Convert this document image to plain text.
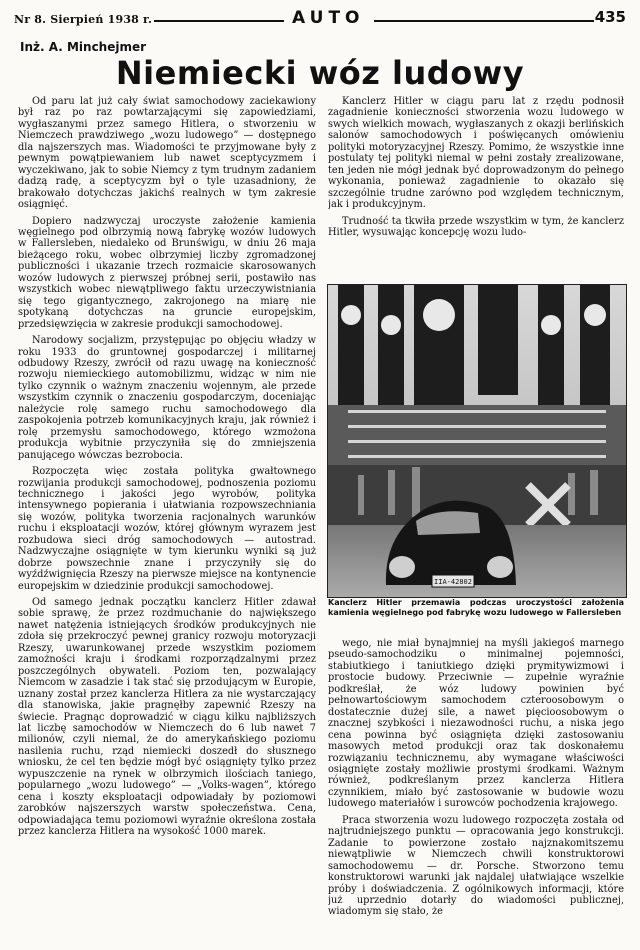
Nr 8. Sierpień 1938 r.	AUTO	435
Inż. A. Minchejmer
Niemiecki wóz ludowy

Od paru lat już cały świat samochodowy zaciekawiony był raz po raz powtarzającymi się zapowiedziami, wygłaszanymi przez samego Hitlera, o stworzeniu w Niemczech prawdziwego „wozu ludowego” — dostępnego dla najszerszych mas. Wiadomości te przyjmowane były z pewnym powątpiewaniem lub nawet sceptycyzmem i wyczekiwano, jak to sobie Niemcy z tym trudnym zadaniem dadzą radę, a sceptycyzm był o tyle uzasadniony, że brakowało dotychczas jakichś realnych w tym zakresie osiągnięć.

Dopiero nadzwyczaj uroczyste założenie kamienia węgielnego pod olbrzymią nową fabrykę wozów ludowych w Fallersleben, niedaleko od Brunświgu, w dniu 26 maja bieżącego roku, wobec olbrzymiej liczby zgromadzonej publiczności i ukazanie trzech rozmaicie skarosowanych wozów ludowych z pierwszej próbnej serii, postawiło nas wszystkich wobec niewątpliwego faktu urzeczywistniania się tego gigantycznego, zakrojonego na miarę nie spotykaną dotychczas na gruncie europejskim, przedsięwzięcia w zakresie produkcji samochodowej.

Narodowy socjalizm, przystępując po objęciu władzy w roku 1933 do gruntownej gospodarczej i militarnej odbudowy Rzeszy, zwrócił od razu uwagę na konieczność rozwoju niemieckiego automobilizmu, widząc w nim nie tylko czynnik o ważnym znaczeniu wojennym, ale przede wszystkim czynnik o znaczeniu gospodarczym, doceniając należycie rolę samego ruchu samochodowego dla zaspokojenia potrzeb komunikacyjnych kraju, jak również i rolę przemysłu samochodowego, którego wzmożona produkcja wybitnie przyczyniła się do zmniejszenia panującego wówczas bezrobocia.

Rozpoczęta więc została polityka gwałtownego rozwijania produkcji samochodowej, podnoszenia poziomu technicznego i jakości jego wyrobów, polityka intensywnego popierania i ułatwiania rozpowszechniania się wozów, polityka tworzenia racjonalnych warunków ruchu i eksploatacji wozów, której głównym wyrazem jest rozbudowa sieci dróg samochodowych — autostrad. Nadzwyczajne osiągnięte w tym kierunku wyniki są już dobrze powszechnie znane i przyczyniły się do wyźdźwignięcia Rzeszy na pierwsze miejsce na kontynencie europejskim w dziedzinie produkcji samochodowej.

Od samego jednak początku kanclerz Hitler zdawał sobie sprawę, że przez rozdmuchanie do największego nawet natężenia istniejących środków produkcyjnych nie zdoła się przekroczyć pewnej granicy rozwoju motoryzacji Rzeszy, uwarunkowanej przede wszystkim poziomem zamożności kraju i środkami rozporządzalnymi przez poszczególnych obywateli. Poziom ten, pozwalający Niemcom w zasadzie i tak stać się przodującym w Europie, uznany został przez kanclerza Hitlera za nie wystarczający dla stanowiska, jakie pragnęłby zapewnić Rzeszy na świecie. Pragnąc doprowadzić w ciągu kilku najbliższych lat liczbę samochodów w Niemczech do 6 lub nawet 7 milionów, czyli niemal, że do amerykańskiego poziomu nasilenia ruchu, rząd niemiecki doszedł do słusznego wniosku, że cel ten będzie mógł być osiągnięty tylko przez wypuszczenie na rynek w olbrzymich ilościach taniego, popularnego „wozu ludowego” — „Volks-wagen”, którego cena i koszty eksploatacji odpowiadały by poziomowi zarobków najszerszych warstw społeczeństwa. Cena, odpowiadająca temu poziomowi wyraźnie określona została przez kanclerza Hitlera na wysokość 1000 marek.

Kanclerz Hitler w ciągu paru lat z rzędu podnosił zagadnienie konieczności stworzenia wozu ludowego w swych wielkich mowach, wygłaszanych z okazji berlińskich salonów samochodowych i poświęcanych omówieniu polityki motoryzacyjnej Rzeszy. Pomimo, że wszystkie inne postulaty tej polityki niemal w pełni zostały zrealizowane, ten jeden nie mógł jednak być doprowadzonym do pełnego wykonania, ponieważ zagadnienie to okazało się szczególnie trudne zarówno pod względem technicznym, jak i produkcyjnym.

Trudność ta tkwiła przede wszystkim w tym, że kanclerz Hitler, wysuwając koncepcję wozu ludo-

IIA-42802
Kanclerz Hitler przemawia podczas uroczystości założenia kamienia węgielnego pod fabrykę wozu ludowego w Fallersleben

wego, nie miał bynajmniej na myśli jakiegoś marnego pseudo-samochodziku o minimalnej pojemności, stabiutkiego i taniutkiego dzięki prymitywizmowi i prostocie budowy. Przeciwnie — zupełnie wyraźnie podkreślał, że wóz ludowy powinien być pełnowartościowym samochodem czteroosobowym o dostatecznie dużej sile, a nawet pięcioosobowym o znacznej szybkości i niezawodności ruchu, a niska jego cena powinna być osiągnięta dzięki zastosowaniu masowych metod produkcji oraz tak doskonałemu rozwiązaniu technicznemu, aby wymagane właściwości osiągnięte zostały możliwie prostymi środkami. Ważnym również, podkreślanym przez kanclerza Hitlera czynnikiem, miało być zastosowanie w budowie wozu ludowego materiałów i surowców pochodzenia krajowego.

Praca stworzenia wozu ludowego rozpoczęta została od najtrudniejszego punktu — opracowania jego konstrukcji. Zadanie to powierzone zostało najznakomitszemu niewątpliwie w Niemczech chwili konstruktorowi samochodowemu — dr. Porsche. Stworzono temu konstruktorowi warunki jak najdalej ułatwiające wszelkie próby i doświadczenia. Z ogólnikowych informacji, które już uprzednio dotarły do wiadomości publicznej, wiadomym się stało, że
